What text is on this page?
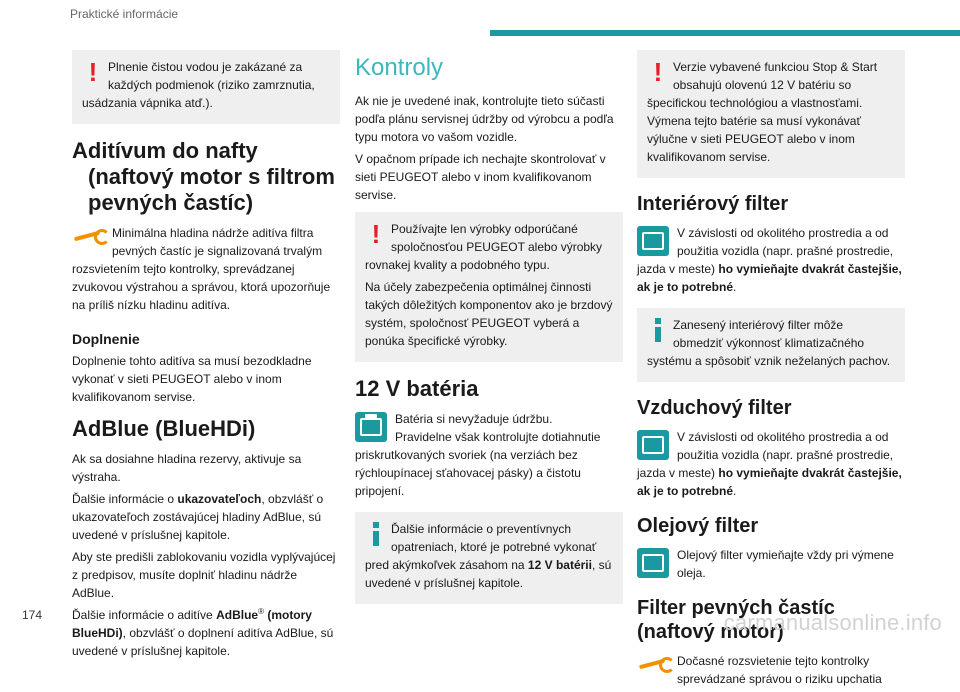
Praktické informácie
! Plnenie čistou vodou je zakázané za každých podmienok (riziko zamrznutia, usádzania vápnika atď.).

Aditívum do nafty (naftový motor s filtrom pevných častíc)

Minimálna hladina nádrže aditíva filtra pevných častíc je signalizovaná trvalým rozsvietením tejto kontrolky, sprevádzanej zvukovou výstrahou a správou, ktorá upozorňuje na príliš nízku hladinu aditíva.

Doplnenie

Doplnenie tohto aditíva sa musí bezodkladne vykonať v sieti PEUGEOT alebo v inom kvalifikovanom servise.

AdBlue (BlueHDi)

Ak sa dosiahne hladina rezervy, aktivuje sa výstraha.

Ďalšie informácie o ukazovateľoch, obzvlášť o ukazovateľoch zostávajúcej hladiny AdBlue, sú uvedené v príslušnej kapitole.

Aby ste predišli zablokovaniu vozidla vyplývajúcej z predpisov, musíte doplniť hladinu nádrže AdBlue.

Ďalšie informácie o aditíve AdBlue® (motory BlueHDi), obzvlášť o doplnení aditíva AdBlue, sú uvedené v príslušnej kapitole.

Kontroly

Ak nie je uvedené inak, kontrolujte tieto súčasti podľa plánu servisnej údržby od výrobcu a podľa typu motora vo vašom vozidle.

V opačnom prípade ich nechajte skontrolovať v sieti PEUGEOT alebo v inom kvalifikovanom servise.

! Používajte len výrobky odporúčané spoločnosťou PEUGEOT alebo výrobky rovnakej kvality a podobného typu.

Na účely zabezpečenia optimálnej činnosti takých dôležitých komponentov ako je brzdový systém, spoločnosť PEUGEOT vyberá a ponúka špecifické výrobky.

12 V batéria

Batéria si nevyžaduje údržbu.

Pravidelne však kontrolujte dotiahnutie priskrutkovaných svoriek (na verziách bez rýchloupínacej sťahovacej pásky) a čistotu pripojení.

Ďalšie informácie o preventívnych opatreniach, ktoré je potrebné vykonať pred akýmkoľvek zásahom na 12 V batérii, sú uvedené v príslušnej kapitole.

! Verzie vybavené funkciou Stop & Start obsahujú olovenú 12 V batériu so špecifickou technológiou a vlastnosťami. Výmena tejto batérie sa musí vykonávať výlučne v sieti PEUGEOT alebo v inom kvalifikovanom servise.

Interiérový filter

V závislosti od okolitého prostredia a od použitia vozidla (napr. prašné prostredie, jazda v meste) ho vymieňajte dvakrát častejšie, ak je to potrebné.

Zanesený interiérový filter môže obmedziť výkonnosť klimatizačného systému a spôsobiť vznik neželaných pachov.

Vzduchový filter

V závislosti od okolitého prostredia a od použitia vozidla (napr. prašné prostredie, jazda v meste) ho vymieňajte dvakrát častejšie, ak je to potrebné.

Olejový filter

Olejový filter vymieňajte vždy pri výmene oleja.

Filter pevných častíc (naftový motor)

Dočasné rozsvietenie tejto kontrolky sprevádzané správou o riziku upchatia

174	carmanualsonline.info
